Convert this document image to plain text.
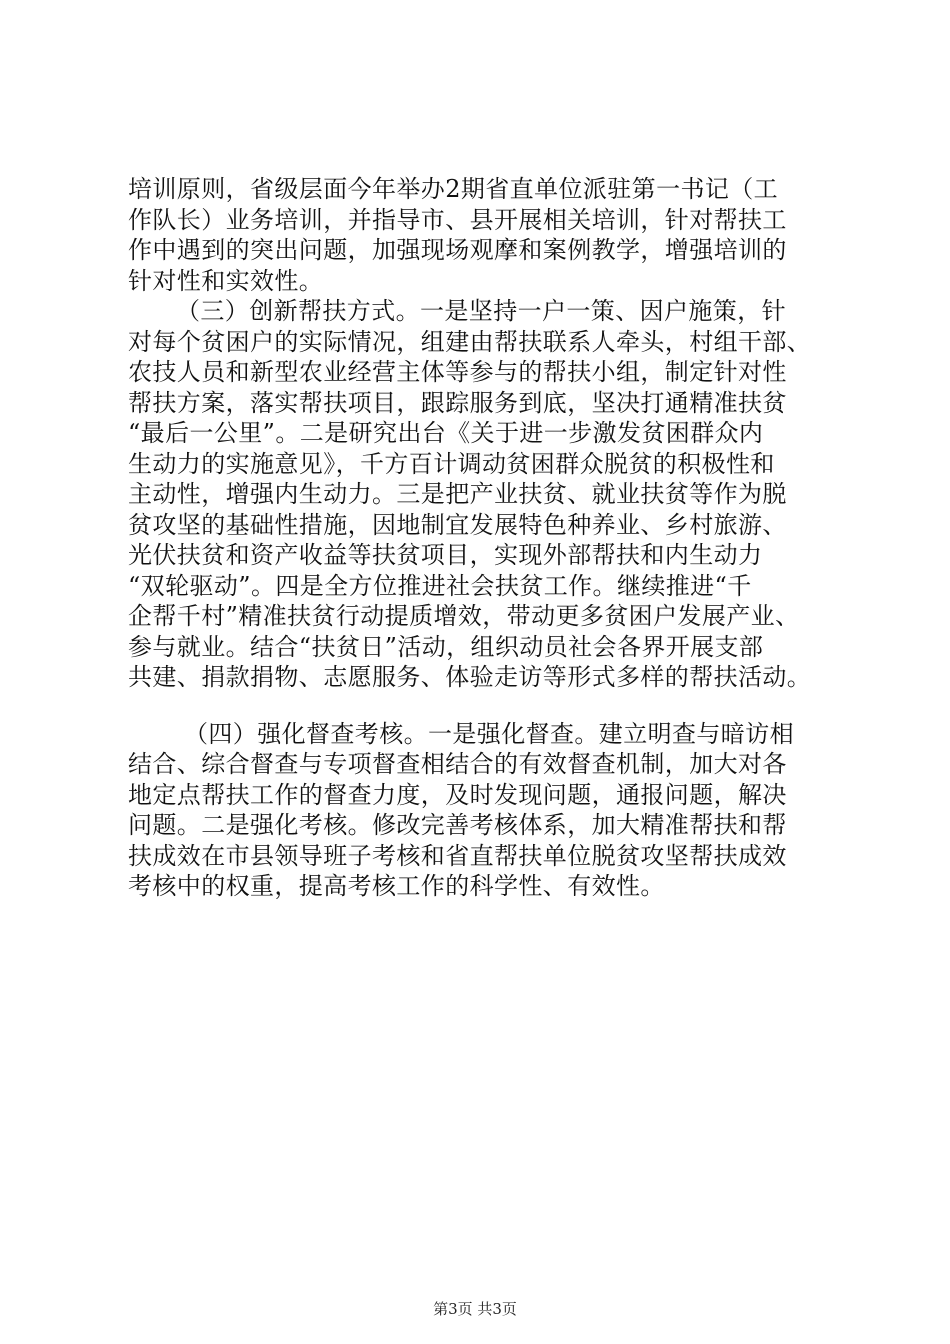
培训原则，省级层面今年举办2期省直单位派驻第一书记（工
作队长）业务培训，并指导市、县开展相关培训，针对帮扶工
作中遇到的突出问题，加强现场观摩和案例教学，增强培训的
针对性和实效性。
（三）创新帮扶方式。一是坚持一户一策、因户施策，针
对每个贫困户的实际情况，组建由帮扶联系人牵头，村组干部、
农技人员和新型农业经营主体等参与的帮扶小组，制定针对性
帮扶方案，落实帮扶项目，跟踪服务到底，坚决打通精准扶贫
“最后一公里”。二是研究出台《关于进一步激发贫困群众内
生动力的实施意见》，千方百计调动贫困群众脱贫的积极性和
主动性，增强内生动力。三是把产业扶贫、就业扶贫等作为脱
贫攻坚的基础性措施，因地制宜发展特色种养业、乡村旅游、
光伏扶贫和资产收益等扶贫项目，实现外部帮扶和内生动力
“双轮驱动”。四是全方位推进社会扶贫工作。继续推进“千
企帮千村”精准扶贫行动提质增效，带动更多贫困户发展产业、
参与就业。结合“扶贫日”活动，组织动员社会各界开展支部
共建、捐款捐物、志愿服务、体验走访等形式多样的帮扶活动。
（四）强化督查考核。一是强化督查。建立明查与暗访相
结合、综合督查与专项督查相结合的有效督查机制，加大对各
地定点帮扶工作的督查力度，及时发现问题，通报问题，解决
问题。二是强化考核。修改完善考核体系，加大精准帮扶和帮
扶成效在市县领导班子考核和省直帮扶单位脱贫攻坚帮扶成效
考核中的权重，提高考核工作的科学性、有效性。
第3页 共3页
